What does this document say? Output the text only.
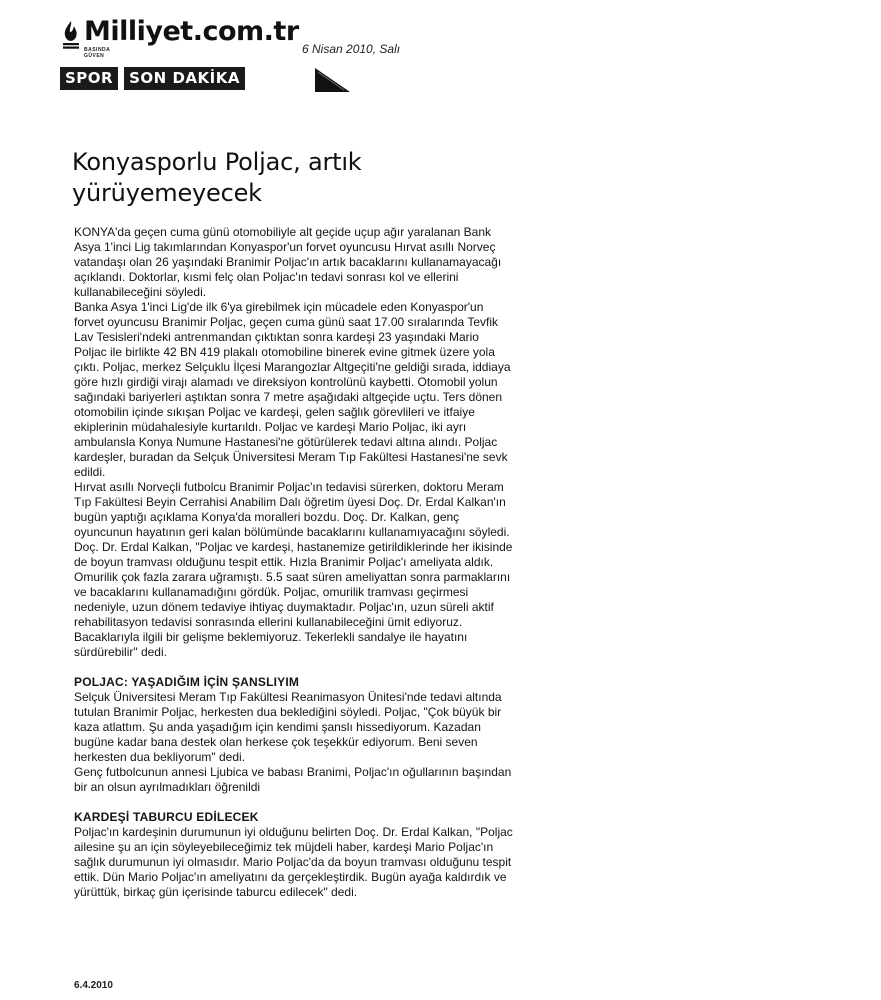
Milliyet.com.tr
BASINDA GÜVEN	6 Nisan 2010, Salı
SPOR	SON DAKİKA
Konyasporlu Poljac, artık yürüyemeyecek

KONYA'da geçen cuma günü otomobiliyle alt geçide uçup ağır yaralanan Bank Asya 1'inci Lig takımlarından Konyaspor'un forvet oyuncusu Hırvat asıllı Norveç vatandaşı olan 26 yaşındaki Branimir Poljac'ın artık bacaklarını kullanamayacağı açıklandı. Doktorlar, kısmi felç olan Poljac'ın tedavi sonrası kol ve ellerini kullanabileceğini söyledi.

Banka Asya 1'inci Lig'de ilk 6'ya girebilmek için mücadele eden Konyaspor'un forvet oyuncusu Branimir Poljac, geçen cuma günü saat 17.00 sıralarında Tevfik Lav Tesisleri'ndeki antrenmandan çıktıktan sonra kardeşi 23 yaşındaki Mario Poljac ile birlikte 42 BN 419 plakalı otomobiline binerek evine gitmek üzere yola çıktı. Poljac, merkez Selçuklu İlçesi Marangozlar Altgeçiti'ne geldiği sırada, iddiaya göre hızlı girdiği virajı alamadı ve direksiyon kontrolünü kaybetti. Otomobil yolun sağındaki bariyerleri aştıktan sonra 7 metre aşağıdaki altgeçide uçtu. Ters dönen otomobilin içinde sıkışan Poljac ve kardeşi, gelen sağlık görevlileri ve itfaiye ekiplerinin müdahalesiyle kurtarıldı. Poljac ve kardeşi Mario Poljac, iki ayrı ambulansla Konya Numune Hastanesi'ne götürülerek tedavi altına alındı. Poljac kardeşler, buradan da Selçuk Üniversitesi Meram Tıp Fakültesi Hastanesi'ne sevk edildi.

Hırvat asıllı Norveçli futbolcu Branimir Poljac'ın tedavisi sürerken, doktoru Meram Tıp Fakültesi Beyin Cerrahisi Anabilim Dalı öğretim üyesi Doç. Dr. Erdal Kalkan'ın bugün yaptığı açıklama Konya'da moralleri bozdu. Doç. Dr. Kalkan, genç oyuncunun hayatının geri kalan bölümünde bacaklarını kullanamıyacağını söyledi.

Doç. Dr. Erdal Kalkan, "Poljac ve kardeşi, hastanemize getirildiklerinde her ikisinde de boyun tramvası olduğunu tespit ettik. Hızla Branimir Poljac'ı ameliyata aldık. Omurilik çok fazla zarara uğramıştı. 5.5 saat süren ameliyattan sonra parmaklarını ve bacaklarını kullanamadığını gördük. Poljac, omurilik tramvası geçirmesi nedeniyle, uzun dönem tedaviye ihtiyaç duymaktadır. Poljac'ın, uzun süreli aktif rehabilitasyon tedavisi sonrasında ellerini kullanabileceğini ümit ediyoruz. Bacaklarıyla ilgili bir gelişme beklemiyoruz. Tekerlekli sandalye ile hayatını sürdürebilir" dedi.

POLJAC: YAŞADIĞIM İÇİN ŞANSLIYIM

Selçuk Üniversitesi Meram Tıp Fakültesi Reanimasyon Ünitesi'nde tedavi altında tutulan Branimir Poljac, herkesten dua beklediğini söyledi. Poljac, "Çok büyük bir kaza atlattım. Şu anda yaşadığım için kendimi şanslı hissediyorum. Kazadan bugüne kadar bana destek olan herkese çok teşekkür ediyorum. Beni seven herkesten dua bekliyorum" dedi.

Genç futbolcunun annesi Ljubica ve babası Branimi, Poljac'ın oğullarının başından bir an olsun ayrılmadıkları öğrenildi

KARDEŞİ TABURCU EDİLECEK

Poljac'ın kardeşinin durumunun iyi olduğunu belirten Doç. Dr. Erdal Kalkan, "Poljac ailesine şu an için söyleyebileceğimiz tek müjdeli haber, kardeşi Mario Poljac'ın sağlık durumunun iyi olmasıdır. Mario Poljac'da da boyun tramvası olduğunu tespit ettik. Dün Mario Poljac'ın ameliyatını da gerçekleştirdik. Bugün ayağa kaldırdık ve yürüttük, birkaç gün içerisinde taburcu edilecek" dedi.

6.4.2010
